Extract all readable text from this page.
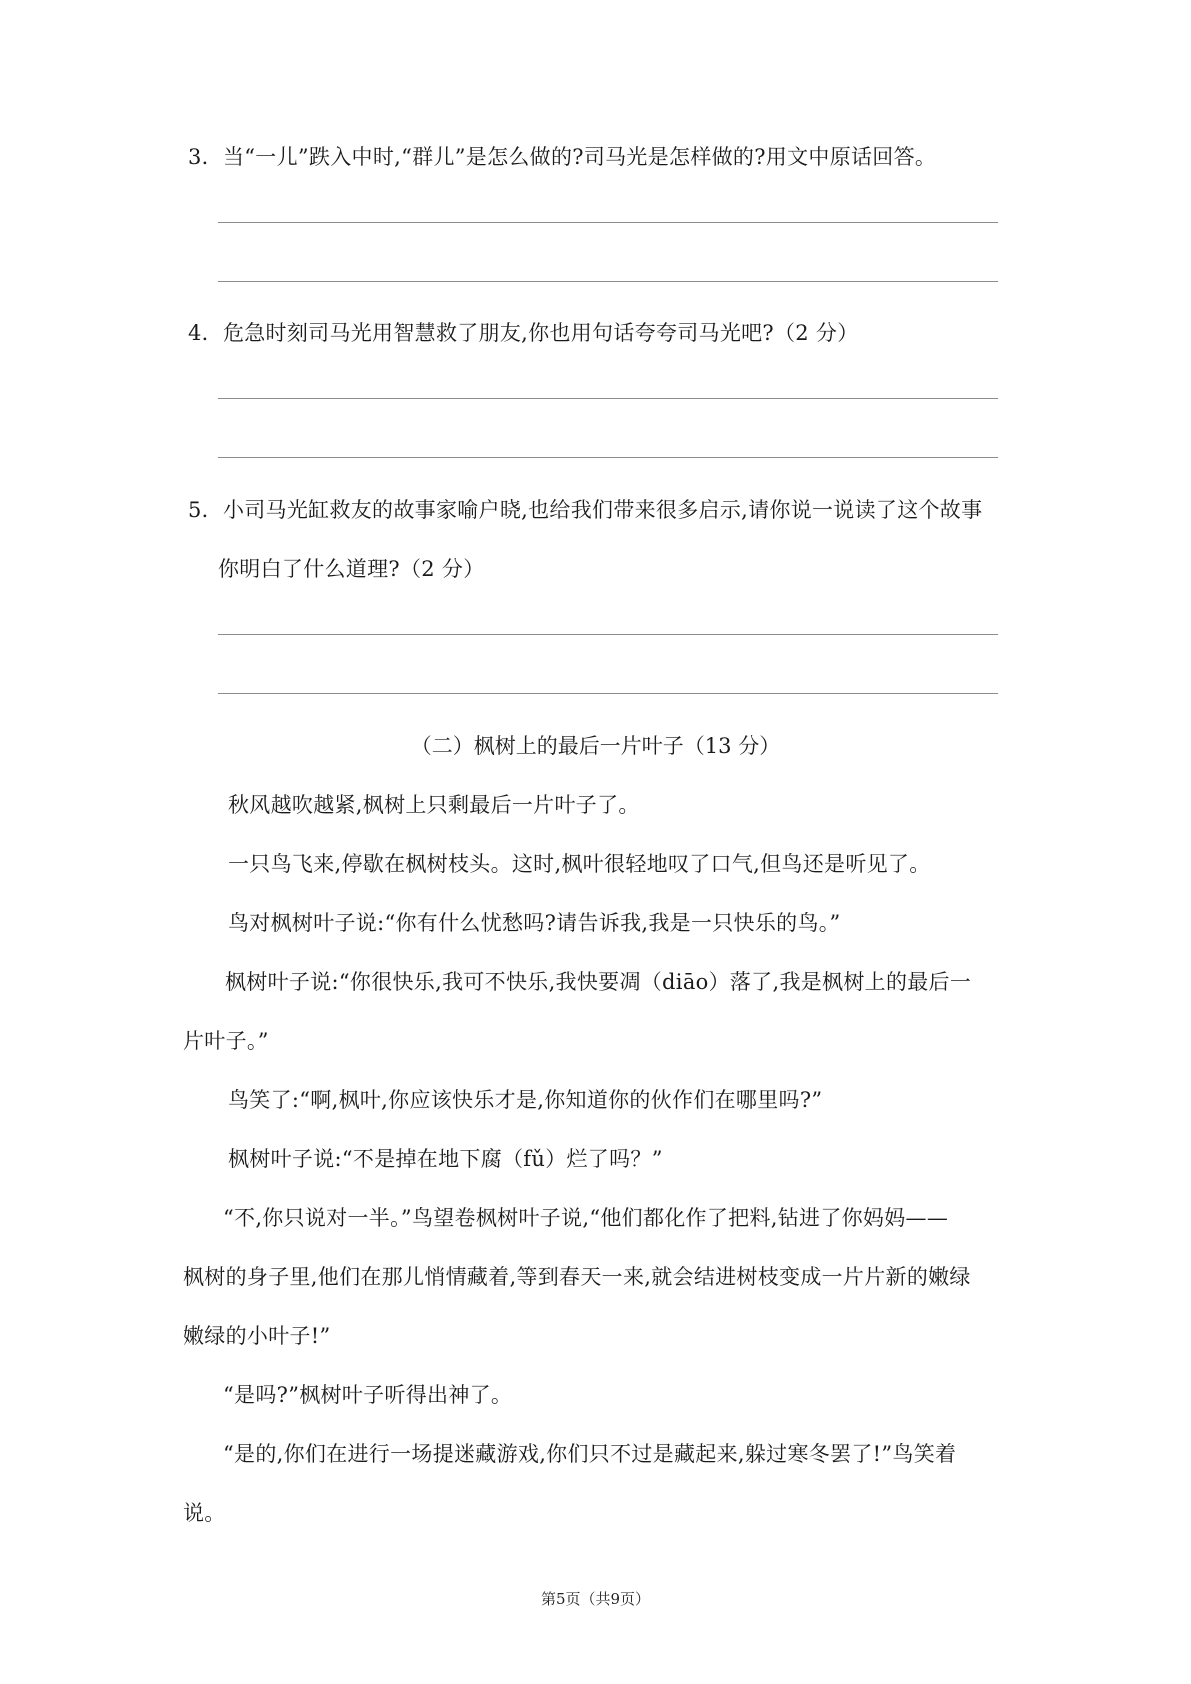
3．当“一儿”跌入中时,“群儿”是怎么做的?司马光是怎样做的?用文中原话回答。
4．危急时刻司马光用智慧救了朋友,你也用句话夸夸司马光吧?（2 分）
5．小司马光缸救友的故事家喻户晓,也给我们带来很多启示,请你说一说读了这个故事
你明白了什么道理?（2 分）
（二）枫树上的最后一片叶子（13 分）
秋风越吹越紧,枫树上只剩最后一片叶子了。
一只鸟飞来,停歇在枫树枝头。这时,枫叶很轻地叹了口气,但鸟还是听见了。
鸟对枫树叶子说:“你有什么忧愁吗?请告诉我,我是一只快乐的鸟。”
枫树叶子说:“你很快乐,我可不快乐,我快要凋（diāo）落了,我是枫树上的最后一
片叶子。”
鸟笑了:“啊,枫叶,你应该快乐才是,你知道你的伙作们在哪里吗?”
枫树叶子说:“不是掉在地下腐（fǔ）烂了吗？”
“不,你只说对一半。”鸟望卷枫树叶子说,“他们都化作了把料,钻进了你妈妈——
枫树的身子里,他们在那儿悄情藏着,等到春天一来,就会结进树枝变成一片片新的嫩绿
嫩绿的小叶子!”
“是吗?”枫树叶子听得出神了。
“是的,你们在进行一场提迷藏游戏,你们只不过是藏起来,躲过寒冬罢了!”鸟笑着
说。
第5页（共9页）
